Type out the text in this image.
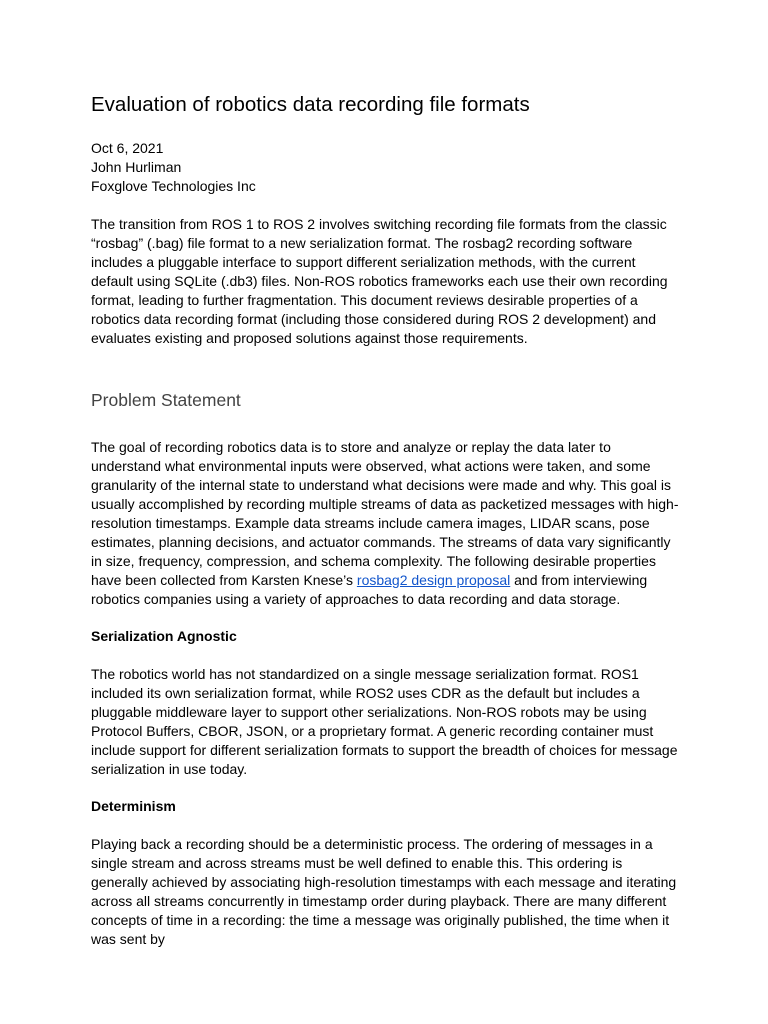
Evaluation of robotics data recording file formats
Oct 6, 2021
John Hurliman
Foxglove Technologies Inc

The transition from ROS 1 to ROS 2 involves switching recording file formats from the classic “rosbag” (.bag) file format to a new serialization format. The rosbag2 recording software includes a pluggable interface to support different serialization methods, with the current default using SQLite (.db3) files. Non-ROS robotics frameworks each use their own recording format, leading to further fragmentation. This document reviews desirable properties of a robotics data recording format (including those considered during ROS 2 development) and evaluates existing and proposed solutions against those requirements.

Problem Statement

The goal of recording robotics data is to store and analyze or replay the data later to understand what environmental inputs were observed, what actions were taken, and some granularity of the internal state to understand what decisions were made and why. This goal is usually accomplished by recording multiple streams of data as packetized messages with high-resolution timestamps. Example data streams include camera images, LIDAR scans, pose estimates, planning decisions, and actuator commands. The streams of data vary significantly in size, frequency, compression, and schema complexity. The following desirable properties have been collected from Karsten Knese’s rosbag2 design proposal and from interviewing robotics companies using a variety of approaches to data recording and data storage.

Serialization Agnostic

The robotics world has not standardized on a single message serialization format. ROS1 included its own serialization format, while ROS2 uses CDR as the default but includes a pluggable middleware layer to support other serializations. Non-ROS robots may be using Protocol Buffers, CBOR, JSON, or a proprietary format. A generic recording container must include support for different serialization formats to support the breadth of choices for message serialization in use today.

Determinism

Playing back a recording should be a deterministic process. The ordering of messages in a single stream and across streams must be well defined to enable this. This ordering is generally achieved by associating high-resolution timestamps with each message and iterating across all streams concurrently in timestamp order during playback. There are many different concepts of time in a recording: the time a message was originally published, the time when it was sent by
